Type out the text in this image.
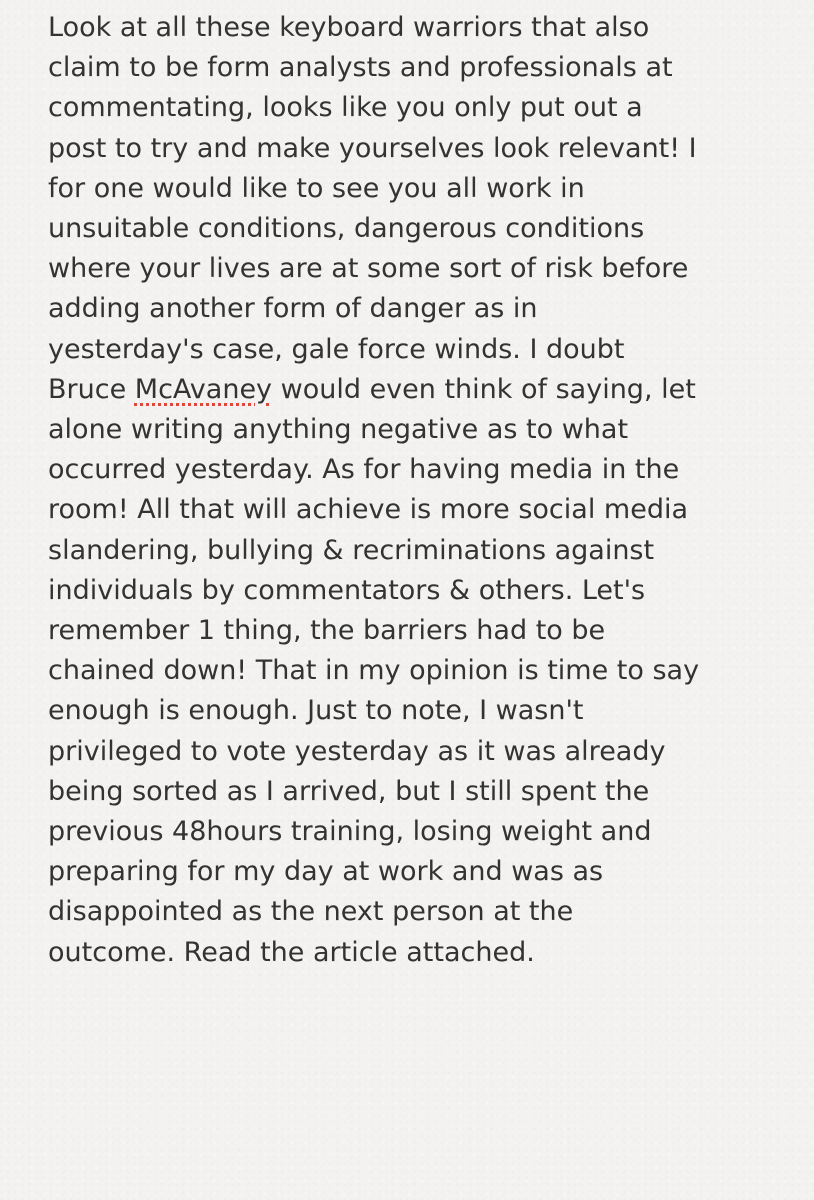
Look at all these keyboard warriors that also
claim to be form analysts and professionals at
commentating, looks like you only put out a
post to try and make yourselves look relevant! I
for one would like to see you all work in
unsuitable conditions, dangerous conditions
where your lives are at some sort of risk before
adding another form of danger as in
yesterday's case, gale force winds. I doubt
Bruce McAvaney would even think of saying, let
alone writing anything negative as to what
occurred yesterday. As for having media in the
room! All that will achieve is more social media
slandering, bullying & recriminations against
individuals by commentators & others. Let's
remember 1 thing, the barriers had to be
chained down! That in my opinion is time to say
enough is enough. Just to note, I wasn't
privileged to vote yesterday as it was already
being sorted as I arrived, but I still spent the
previous 48hours training, losing weight and
preparing for my day at work and was as
disappointed as the next person at the
outcome. Read the article attached.
